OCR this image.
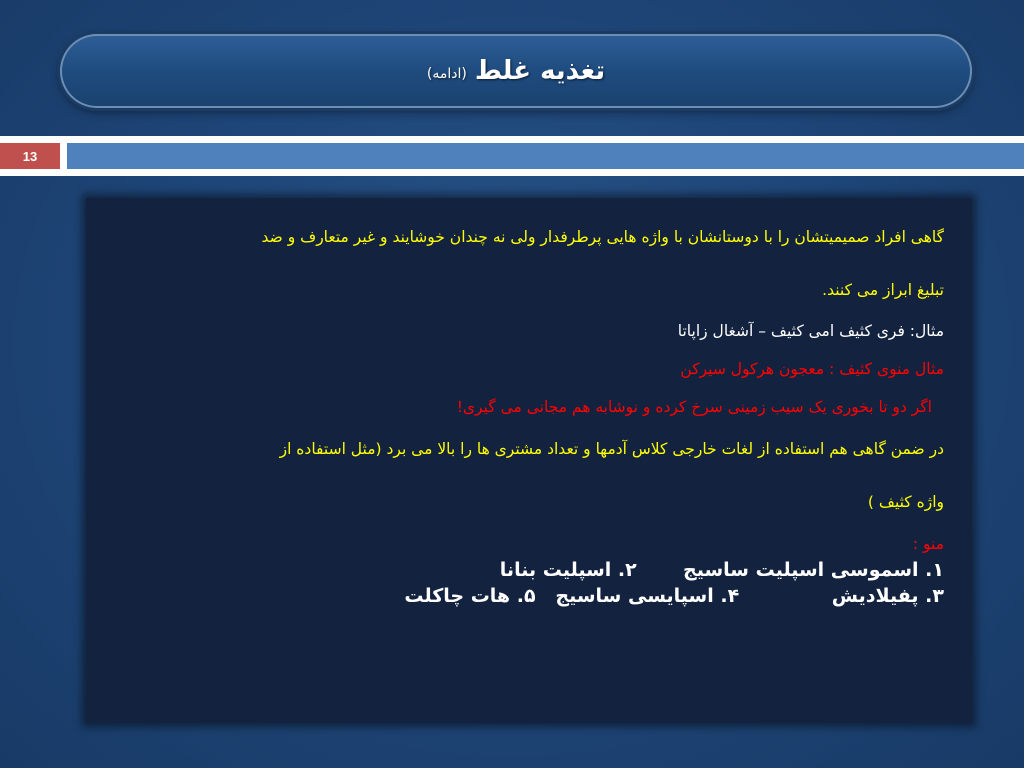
تغذیه غلط
(ادامه)
13

گاهی افراد صمیمیتشان را با دوستانشان با واژه هایی پرطرفدار ولی نه چندان خوشایند و غیر متعارف و ضد

تبلیغ ابراز می کنند.

مثال: فری کثیف امی کثیف – آشغال زاپاتا

مثال منوی کثیف : معجون هرکول سیرکن

اگر دو تا بخوری یک سیب زمینی سرخ کرده و نوشابه هم مجانی می گیری!

در ضمن گاهی هم استفاده از لغات خارجی کلاس آدمها و تعداد مشتری ها را بالا می برد (مثل استفاده از

واژه کثیف )

منو :

۱. اسموسی اسپلیت ساسیج       ۲. اسپلیت بنانا

۳. پفیلادیش              ۴. اسپایسی ساسیج   ۵. هات چاکلت
